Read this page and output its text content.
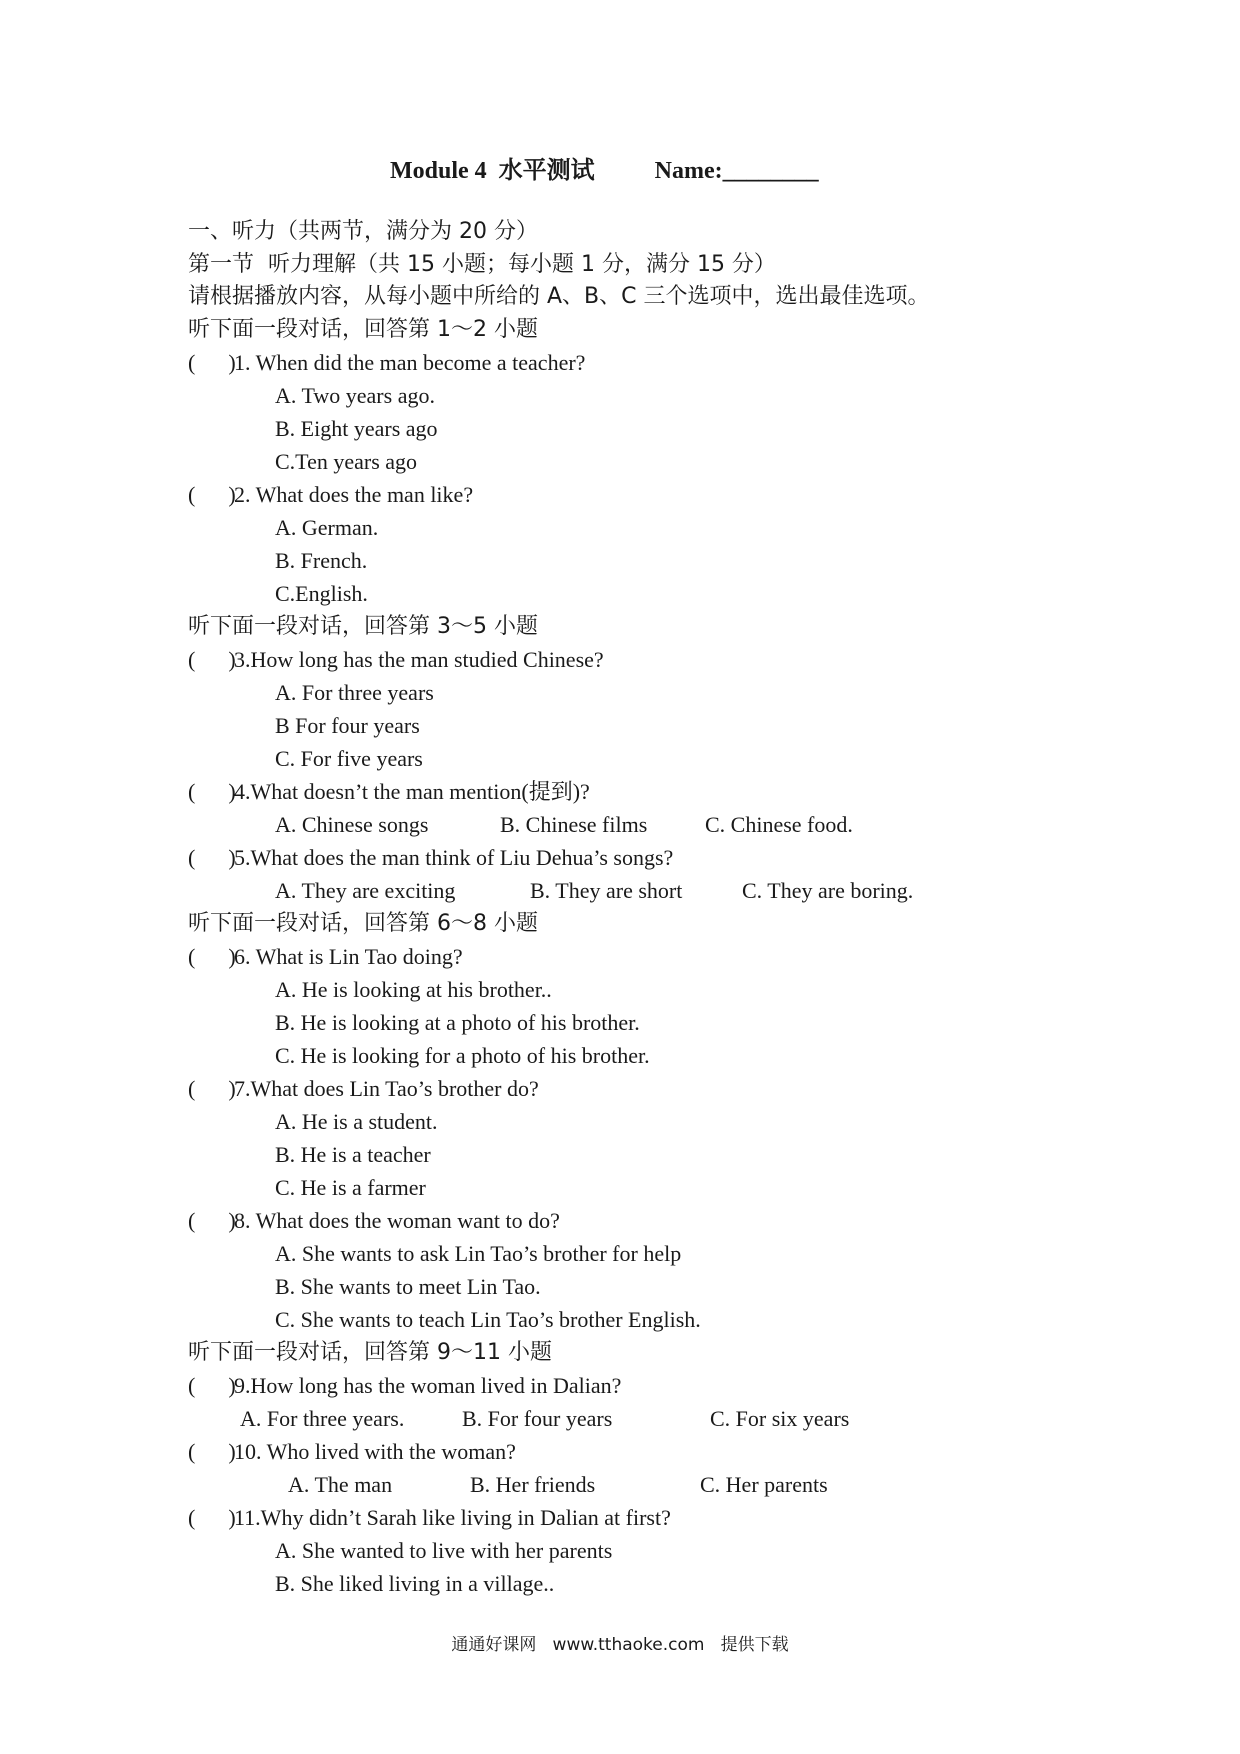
Module 4  水平测试	Name:________
一、听力（共两节，满分为 20 分）
第一节  听力理解（共 15 小题；每小题 1 分，满分 15 分）
请根据播放内容，从每小题中所给的 A、B、C 三个选项中，选出最佳选项。
听下面一段对话，回答第 1～2 小题
(      )1. When did the man become a teacher?
A. Two years ago.
B. Eight years ago
C.Ten years ago
(      )2. What does the man like?
A. German.
B. French.
C.English.
听下面一段对话，回答第 3～5 小题
(      )3.How long has the man studied Chinese?
A. For three years
B For four years
C. For five years
(      )4.What doesn’t the man mention(提到)?
A. Chinese songs	B. Chinese films	C. Chinese food.
(      )5.What does the man think of Liu Dehua’s songs?
A. They are exciting	B. They are short	C. They are boring.
听下面一段对话，回答第 6～8 小题
(      )6. What is Lin Tao doing?
A. He is looking at his brother..
B. He is looking at a photo of his brother.
C. He is looking for a photo of his brother.
(      )7.What does Lin Tao’s brother do?
A. He is a student.
B. He is a teacher
C. He is a farmer
(      )8. What does the woman want to do?
A. She wants to ask Lin Tao’s brother for help
B. She wants to meet Lin Tao.
C. She wants to teach Lin Tao’s brother English.
听下面一段对话，回答第 9～11 小题
(      )9.How long has the woman lived in Dalian?
A. For three years.	B. For four years	C. For six years
(      )10. Who lived with the woman?
A. The man	B. Her friends	C. Her parents
(      )11.Why didn’t Sarah like living in Dalian at first?
A. She wanted to live with her parents
B. She liked living in a village..
通通好课网   www.tthaoke.com   提供下载
